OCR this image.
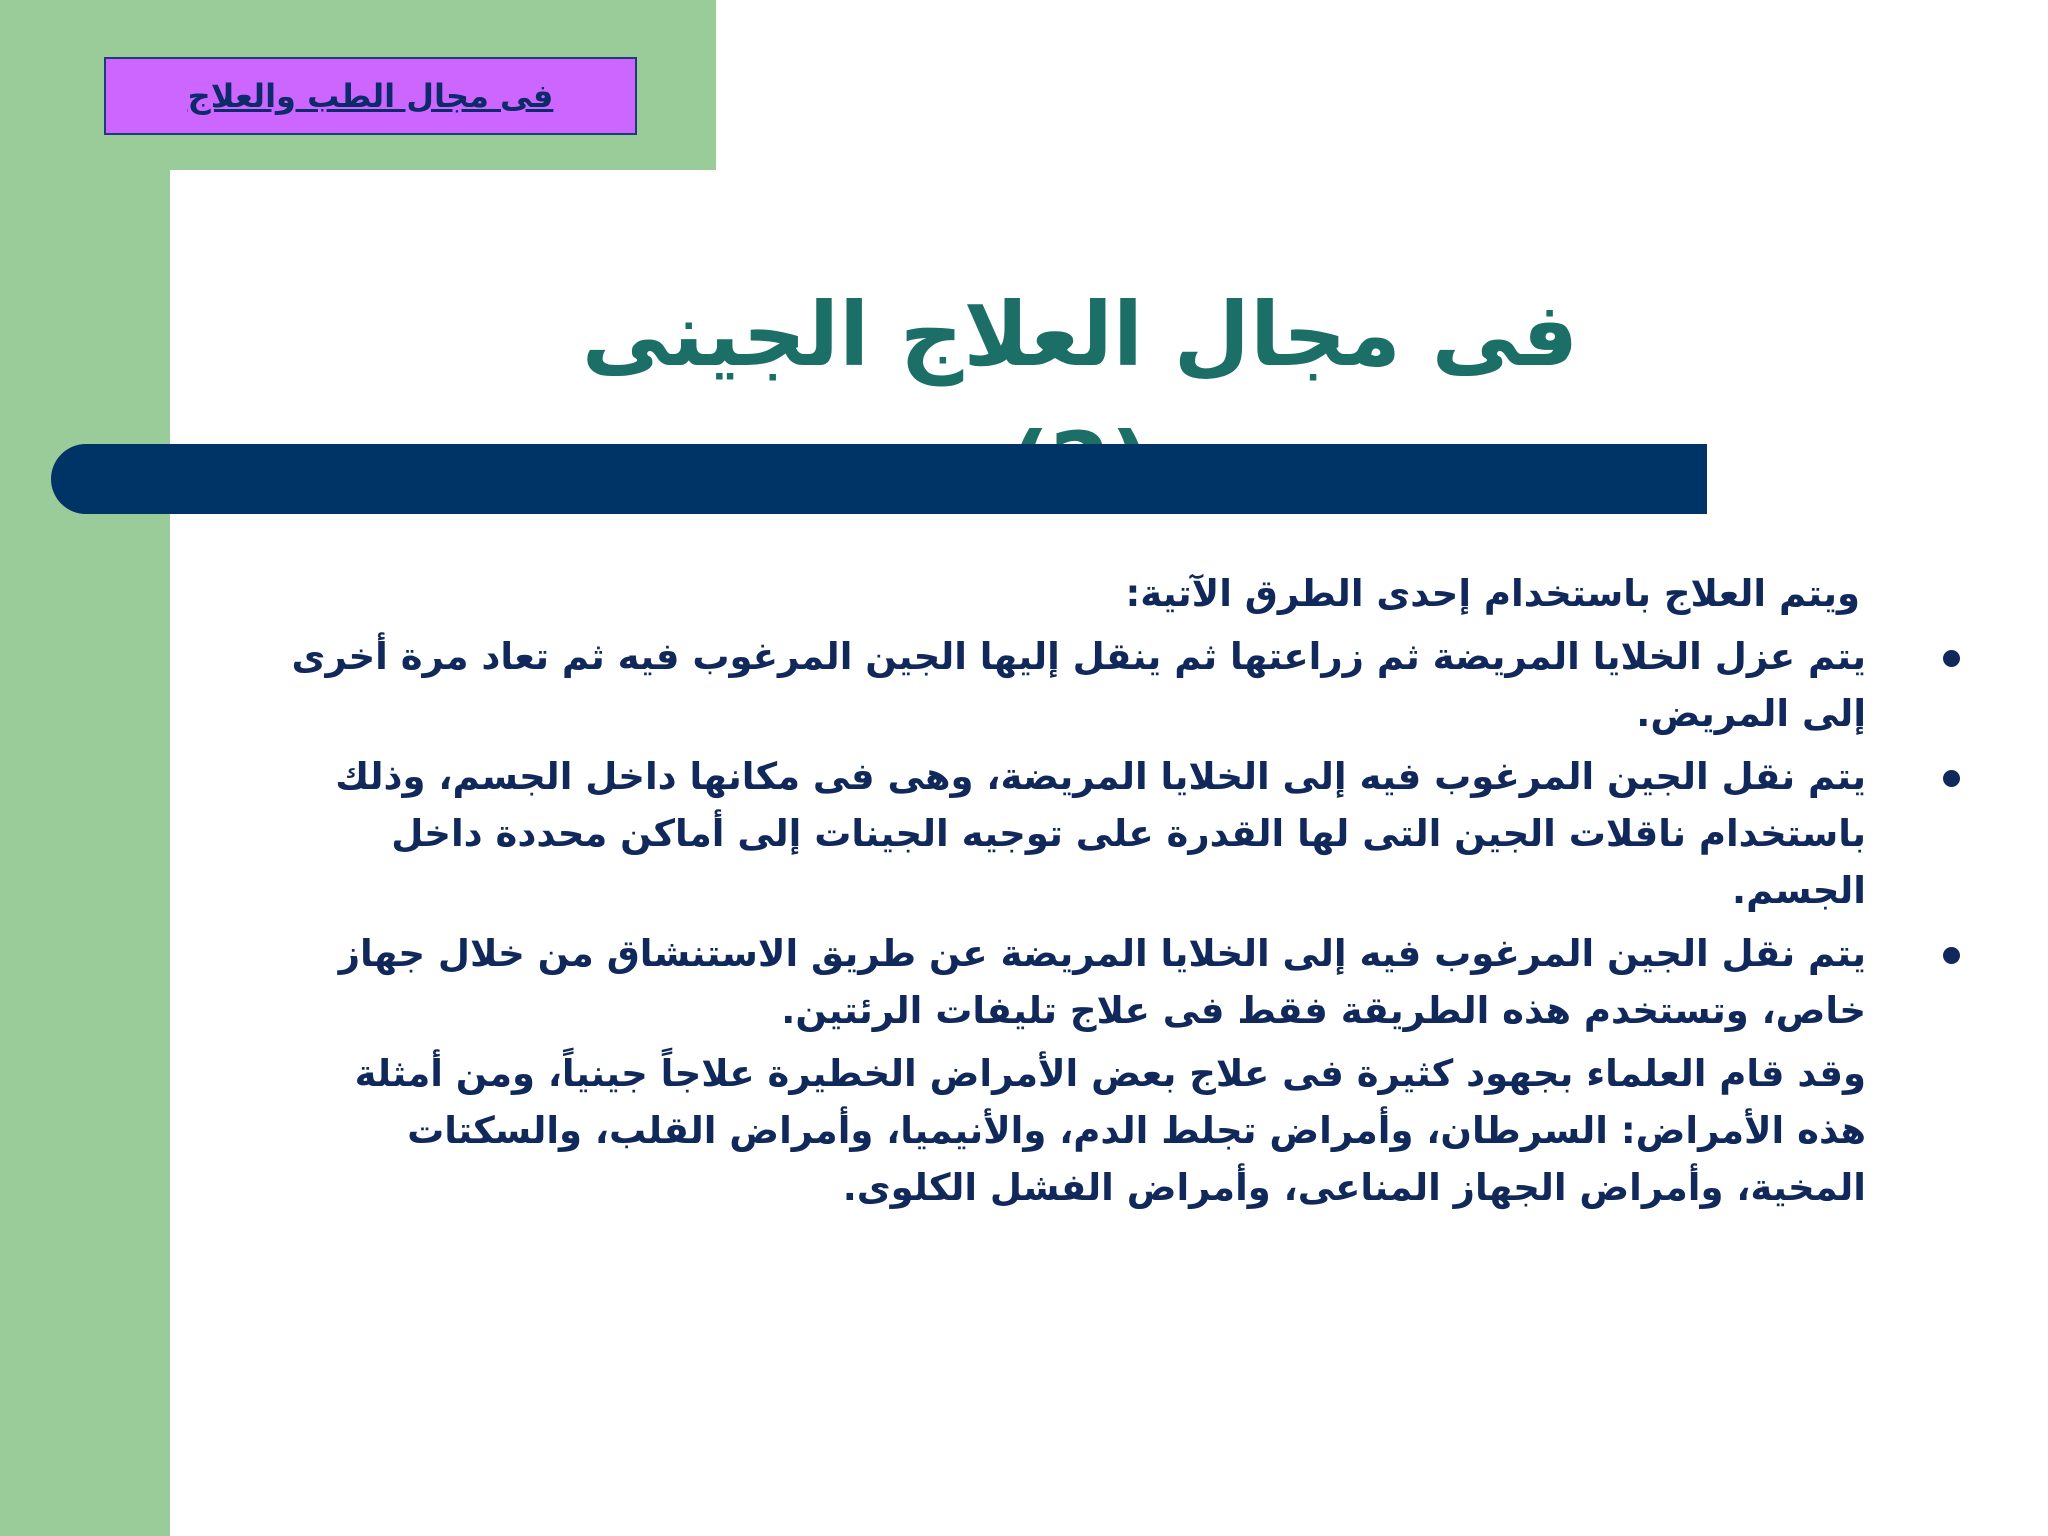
فى مجال الطب والعلاج
فى مجال العلاج الجينى

ويتم العلاج باستخدام إحدى الطرق الآتية:

يتم عزل الخلايا المريضة ثم زراعتها ثم ينقل إليها الجين المرغوب فيه ثم تعاد مرة أخرى إلى المريض.
يتم نقل الجين المرغوب فيه إلى الخلايا المريضة، وهى فى مكانها داخل الجسم، وذلك باستخدام ناقلات الجين التى لها القدرة على توجيه الجينات إلى أماكن محددة داخل الجسم.
يتم نقل الجين المرغوب فيه إلى الخلايا المريضة عن طريق الاستنشاق من خلال جهاز خاص، وتستخدم هذه الطريقة فقط فى علاج تليفات الرئتين.

وقد قام العلماء بجهود كثيرة فى علاج بعض الأمراض الخطيرة علاجاً جينياً، ومن أمثلة هذه الأمراض: السرطان، وأمراض تجلط الدم، والأنيميا، وأمراض القلب، والسكتات المخية، وأمراض الجهاز المناعى، وأمراض الفشل الكلوى.
